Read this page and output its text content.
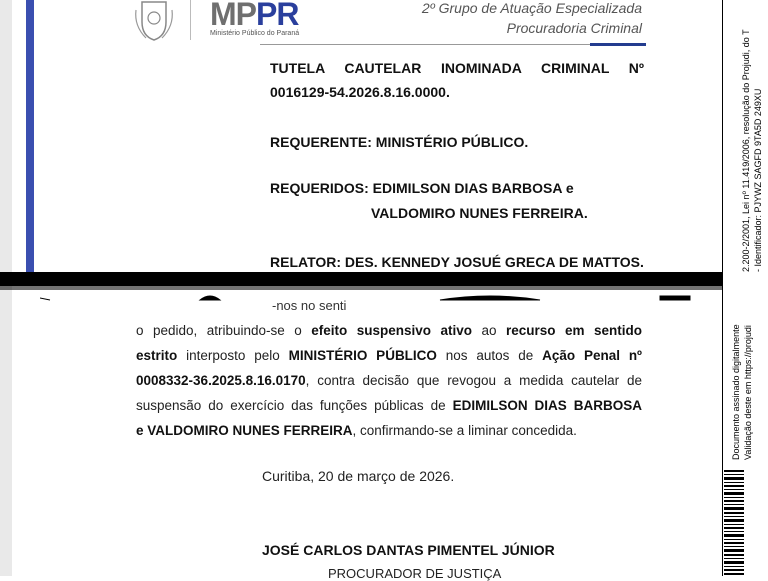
MPPR
Ministério Público do Paraná
2º Grupo de Atuação Especializada
Procuradoria Criminal
TUTELA CAUTELAR INOMINADA CRIMINAL Nº
0016129-54.2026.8.16.0000.
REQUERENTE: MINISTÉRIO PÚBLICO.
REQUERIDOS: EDIMILSON DIAS BARBOSA e
VALDOMIRO NUNES FERREIRA.
RELATOR: DES. KENNEDY JOSUÉ GRECA DE MATTOS.
-nos no senti
o pedido, atribuindo-se o efeito suspensivo ativo ao recurso em sentido
estrito interposto pelo MINISTÉRIO PÚBLICO nos autos de Ação Penal nº
0008332-36.2025.8.16.0170, contra decisão que revogou a medida cautelar de
suspensão do exercício das funções públicas de EDIMILSON DIAS BARBOSA
e VALDOMIRO NUNES FERREIRA, confirmando-se a liminar concedida.
Curitiba, 20 de março de 2026.
JOSÉ CARLOS DANTAS PIMENTEL JÚNIOR
PROCURADOR DE JUSTIÇA
2.200-2/2001, Lei nº 11.419/2006, resolução do Projudi, do T - Identificador: PJYWZ SAGFD 9TA5D 249XU
Documento assinado digitalmente Validação deste em https://projudi
